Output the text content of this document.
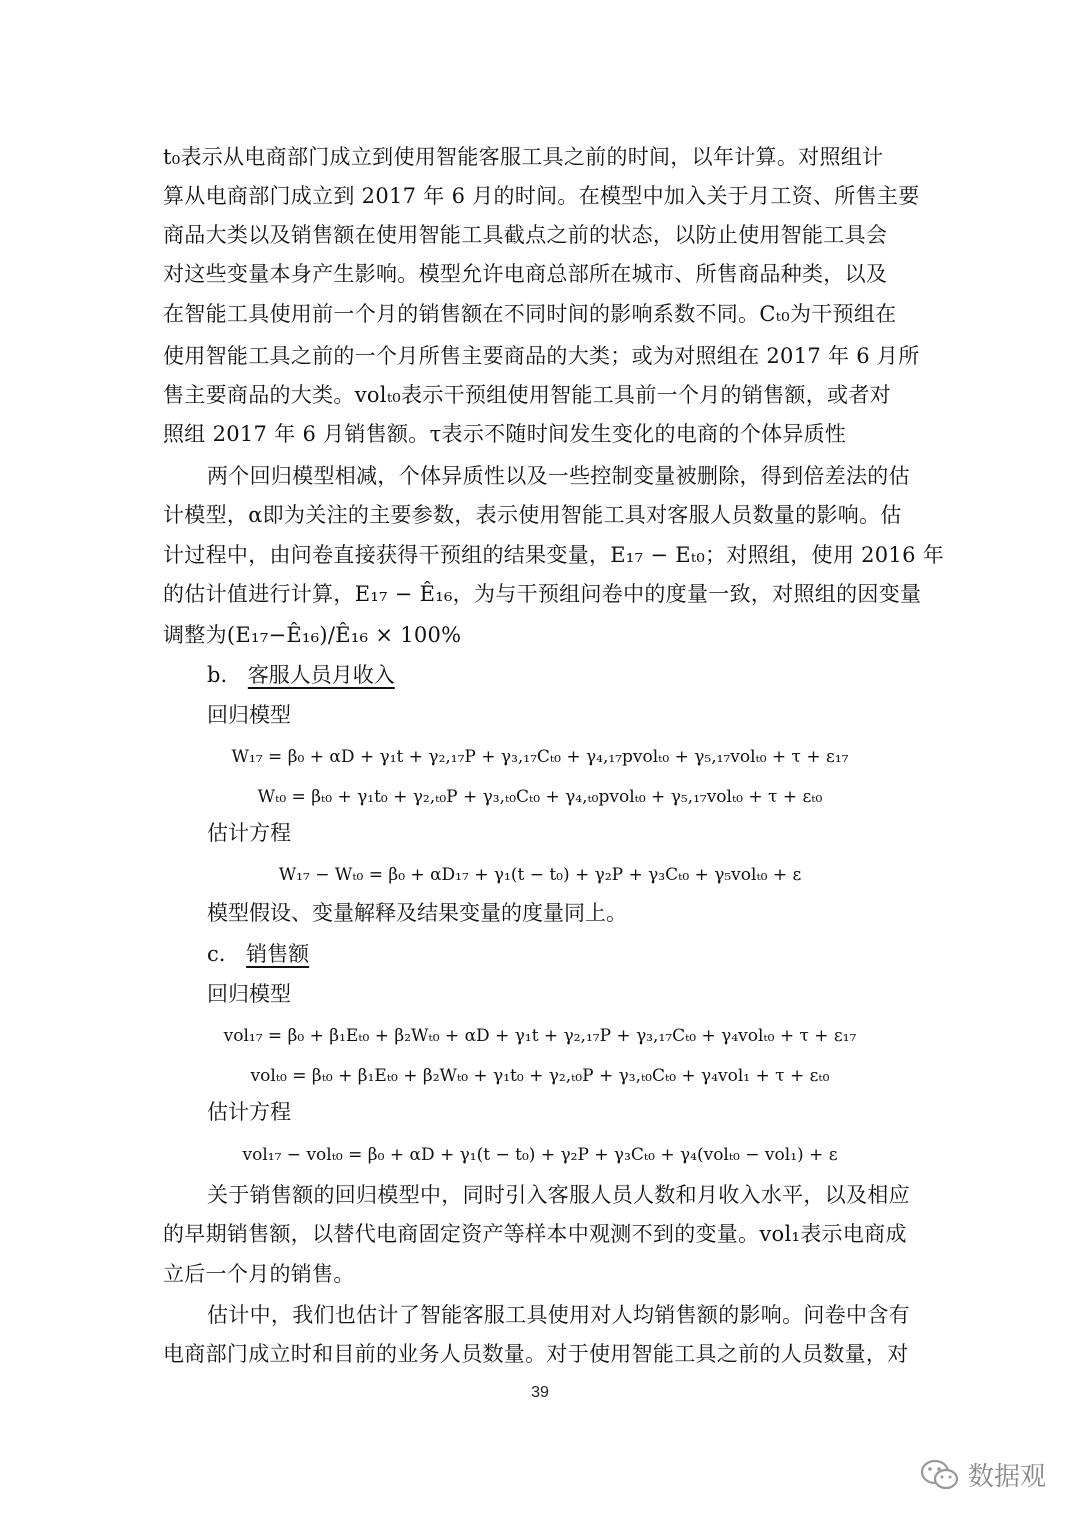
t₀表示从电商部门成立到使用智能客服工具之前的时间，以年计算。对照组计
算从电商部门成立到 2017 年 6 月的时间。在模型中加入关于月工资、所售主要
商品大类以及销售额在使用智能工具截点之前的状态，以防止使用智能工具会
对这些变量本身产生影响。模型允许电商总部所在城市、所售商品种类，以及
在智能工具使用前一个月的销售额在不同时间的影响系数不同。Cₜ₀为干预组在
使用智能工具之前的一个月所售主要商品的大类；或为对照组在 2017 年 6 月所
售主要商品的大类。volₜ₀表示干预组使用智能工具前一个月的销售额，或者对
照组 2017 年 6 月销售额。τ表示不随时间发生变化的电商的个体异质性
两个回归模型相减，个体异质性以及一些控制变量被删除，得到倍差法的估
计模型，α即为关注的主要参数，表示使用智能工具对客服人员数量的影响。估
计过程中，由问卷直接获得干预组的结果变量，E₁₇ − Eₜ₀；对照组，使用 2016 年
的估计值进行计算，E₁₇ − Ê₁₆，为与干预组问卷中的度量一致，对照组的因变量
调整为(E₁₇−Ê₁₆)/Ê₁₆ × 100%
b. 客服人员月收入
回归模型
W₁₇ = β₀ + αD + γ₁t + γ₂,₁₇P + γ₃,₁₇Cₜ₀ + γ₄,₁₇pvolₜ₀ + γ₅,₁₇volₜ₀ + τ + ε₁₇
Wₜ₀ = βₜ₀ + γ₁t₀ + γ₂,ₜ₀P + γ₃,ₜ₀Cₜ₀ + γ₄,ₜ₀pvolₜ₀ + γ₅,₁₇volₜ₀ + τ + εₜ₀
估计方程
W₁₇ − Wₜ₀ = β₀ + αD₁₇ + γ₁(t − t₀) + γ₂P + γ₃Cₜ₀ + γ₅volₜ₀ + ε
模型假设、变量解释及结果变量的度量同上。
c. 销售额
回归模型
vol₁₇ = β₀ + β₁Eₜ₀ + β₂Wₜ₀ + αD + γ₁t + γ₂,₁₇P + γ₃,₁₇Cₜ₀ + γ₄volₜ₀ + τ + ε₁₇
volₜ₀ = βₜ₀ + β₁Eₜ₀ + β₂Wₜ₀ + γ₁t₀ + γ₂,ₜ₀P + γ₃,ₜ₀Cₜ₀ + γ₄vol₁ + τ + εₜ₀
估计方程
vol₁₇ − volₜ₀ = β₀ + αD + γ₁(t − t₀) + γ₂P + γ₃Cₜ₀ + γ₄(volₜ₀ − vol₁) + ε
关于销售额的回归模型中，同时引入客服人员人数和月收入水平，以及相应
的早期销售额，以替代电商固定资产等样本中观测不到的变量。vol₁表示电商成
立后一个月的销售。
估计中，我们也估计了智能客服工具使用对人均销售额的影响。问卷中含有
电商部门成立时和目前的业务人员数量。对于使用智能工具之前的人员数量，对
39
数据观
